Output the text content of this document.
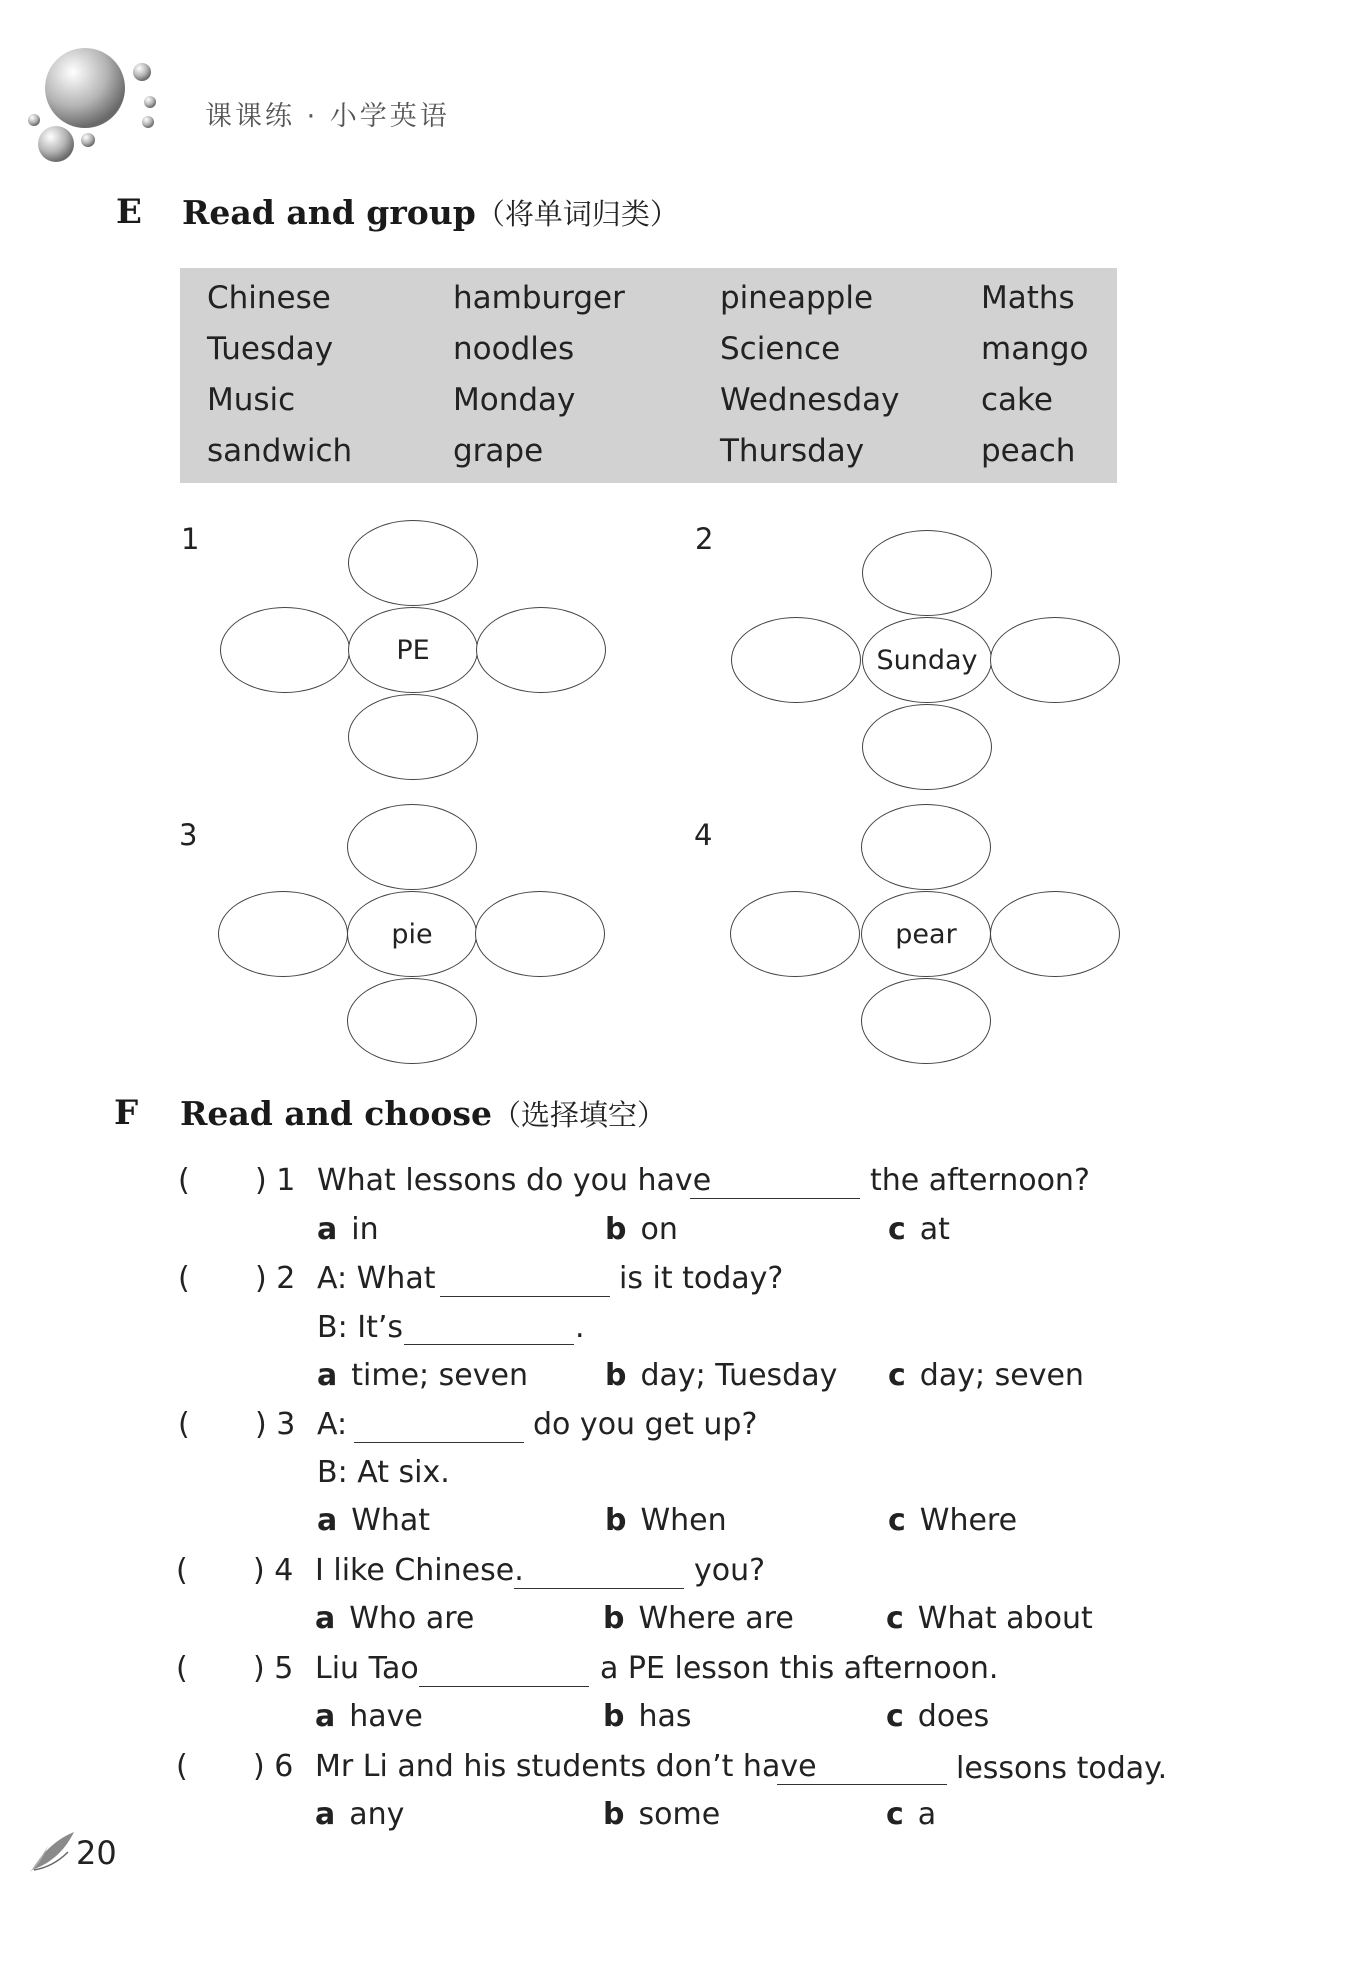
课课练 · 小学英语
E Read and group（将单词归类）
Chinese	hamburger	pineapple	Maths
Tuesday	noodles	Science	mango
Music	Monday	Wednesday	cake
sandwich	grape	Thursday	peach
1
PE
2
Sunday
3
pie
4
pear
F Read and choose（选择填空）
( ) 1 What lessons do you have	the afternoon?
a in	b on	c at
( ) 2 A: What	is it today?
B: It’s	.
a time; seven	b day; Tuesday c day; seven
( ) 3 A:	do you get up?
B: At six.
a What	b When	c Where
( ) 4 I like Chinese.	you?
a Who are	b Where are	c What about
( ) 5 Liu Tao	a PE lesson this afternoon.
a have	b has	c does
( ) 6 Mr Li and his students don’t have	lessons today.
a any	b some	c a
20
